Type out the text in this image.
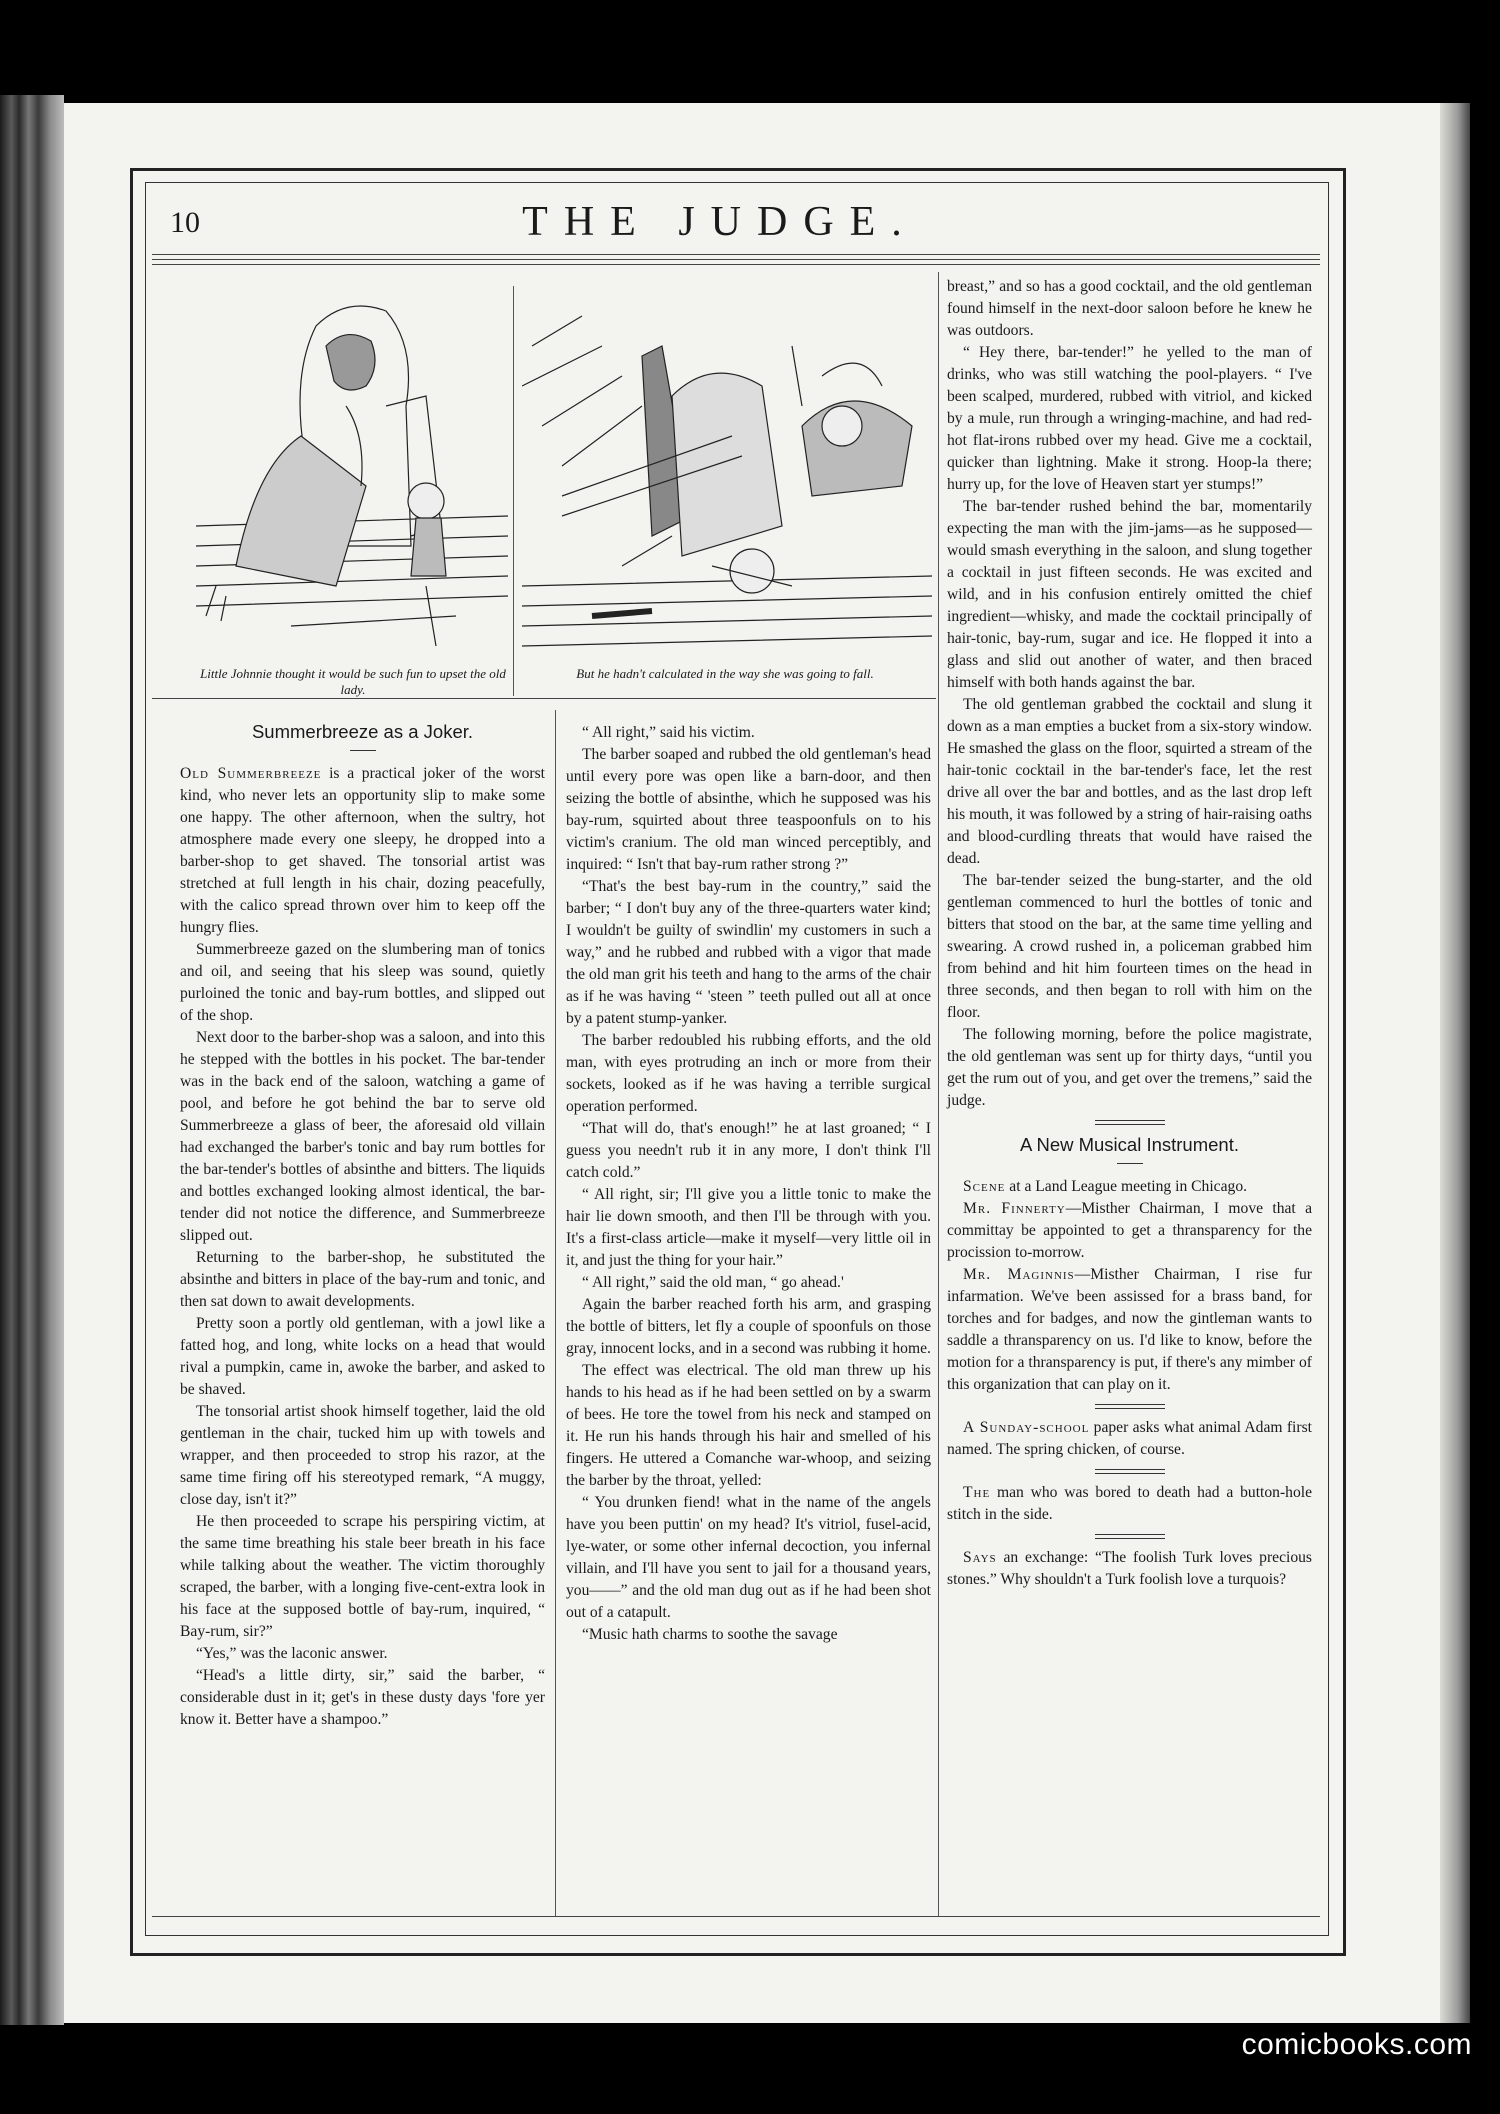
10	THE JUDGE.
Little Johnnie thought it would be such fun to upset the old lady.
But he hadn't calculated in the way she was going to fall.
Summerbreeze as a Joker.

Old Summerbreeze is a practical joker of the worst kind, who never lets an opportunity slip to make some one happy. The other afternoon, when the sultry, hot atmosphere made every one sleepy, he dropped into a barber-shop to get shaved. The tonsorial artist was stretched at full length in his chair, dozing peacefully, with the calico spread thrown over him to keep off the hungry flies.

Summerbreeze gazed on the slumbering man of tonics and oil, and seeing that his sleep was sound, quietly purloined the tonic and bay-rum bottles, and slipped out of the shop.

Next door to the barber-shop was a saloon, and into this he stepped with the bottles in his pocket. The bar-tender was in the back end of the saloon, watching a game of pool, and before he got behind the bar to serve old Summerbreeze a glass of beer, the aforesaid old villain had exchanged the barber's tonic and bay rum bottles for the bar-tender's bottles of absinthe and bitters. The liquids and bottles exchanged looking almost identical, the bar-tender did not notice the difference, and Summerbreeze slipped out.

Returning to the barber-shop, he substituted the absinthe and bitters in place of the bay-rum and tonic, and then sat down to await developments.

Pretty soon a portly old gentleman, with a jowl like a fatted hog, and long, white locks on a head that would rival a pumpkin, came in, awoke the barber, and asked to be shaved.

The tonsorial artist shook himself together, laid the old gentleman in the chair, tucked him up with towels and wrapper, and then proceeded to strop his razor, at the same time firing off his stereotyped remark, “A muggy, close day, isn't it?”

He then proceeded to scrape his perspiring victim, at the same time breathing his stale beer breath in his face while talking about the weather. The victim thoroughly scraped, the barber, with a longing five-cent-extra look in his face at the supposed bottle of bay-rum, inquired, “ Bay-rum, sir?”

“Yes,” was the laconic answer.

“Head's a little dirty, sir,” said the barber, “ considerable dust in it; get's in these dusty days 'fore yer know it. Better have a shampoo.”

“ All right,” said his victim.

The barber soaped and rubbed the old gentleman's head until every pore was open like a barn-door, and then seizing the bottle of absinthe, which he supposed was his bay-rum, squirted about three teaspoonfuls on to his victim's cranium. The old man winced perceptibly, and inquired: “ Isn't that bay-rum rather strong ?”

“That's the best bay-rum in the country,” said the barber; “ I don't buy any of the three-quarters water kind; I wouldn't be guilty of swindlin' my customers in such a way,” and he rubbed and rubbed with a vigor that made the old man grit his teeth and hang to the arms of the chair as if he was having “ 'steen ” teeth pulled out all at once by a patent stump-yanker.

The barber redoubled his rubbing efforts, and the old man, with eyes protruding an inch or more from their sockets, looked as if he was having a terrible surgical operation performed.

“That will do, that's enough!” he at last groaned; “ I guess you needn't rub it in any more, I don't think I'll catch cold.”

“ All right, sir; I'll give you a little tonic to make the hair lie down smooth, and then I'll be through with you. It's a first-class article—make it myself—very little oil in it, and just the thing for your hair.”

“ All right,” said the old man, “ go ahead.'

Again the barber reached forth his arm, and grasping the bottle of bitters, let fly a couple of spoonfuls on those gray, innocent locks, and in a second was rubbing it home.

The effect was electrical. The old man threw up his hands to his head as if he had been settled on by a swarm of bees. He tore the towel from his neck and stamped on it. He run his hands through his hair and smelled of his fingers. He uttered a Comanche war-whoop, and seizing the barber by the throat, yelled:

“ You drunken fiend! what in the name of the angels have you been puttin' on my head? It's vitriol, fusel-acid, lye-water, or some other infernal decoction, you infernal villain, and I'll have you sent to jail for a thousand years, you——” and the old man dug out as if he had been shot out of a catapult.

“Music hath charms to soothe the savage

breast,” and so has a good cocktail, and the old gentleman found himself in the next-door saloon before he knew he was outdoors.

“ Hey there, bar-tender!” he yelled to the man of drinks, who was still watching the pool-players. “ I've been scalped, murdered, rubbed with vitriol, and kicked by a mule, run through a wringing-machine, and had red-hot flat-irons rubbed over my head. Give me a cocktail, quicker than lightning. Make it strong. Hoop-la there; hurry up, for the love of Heaven start yer stumps!”

The bar-tender rushed behind the bar, momentarily expecting the man with the jim-jams—as he supposed—would smash everything in the saloon, and slung together a cocktail in just fifteen seconds. He was excited and wild, and in his confusion entirely omitted the chief ingredient—whisky, and made the cocktail principally of hair-tonic, bay-rum, sugar and ice. He flopped it into a glass and slid out another of water, and then braced himself with both hands against the bar.

The old gentleman grabbed the cocktail and slung it down as a man empties a bucket from a six-story window. He smashed the glass on the floor, squirted a stream of the hair-tonic cocktail in the bar-tender's face, let the rest drive all over the bar and bottles, and as the last drop left his mouth, it was followed by a string of hair-raising oaths and blood-curdling threats that would have raised the dead.

The bar-tender seized the bung-starter, and the old gentleman commenced to hurl the bottles of tonic and bitters that stood on the bar, at the same time yelling and swearing. A crowd rushed in, a policeman grabbed him from behind and hit him fourteen times on the head in three seconds, and then began to roll with him on the floor.

The following morning, before the police magistrate, the old gentleman was sent up for thirty days, “until you get the rum out of you, and get over the tremens,” said the judge.

A New Musical Instrument.

Scene at a Land League meeting in Chicago.

Mr. Finnerty—Misther Chairman, I move that a committay be appointed to get a thransparency for the procission to-morrow.

Mr. Maginnis—Misther Chairman, I rise fur infarmation. We've been assissed for a brass band, for torches and for badges, and now the gintleman wants to saddle a thransparency on us. I'd like to know, before the motion for a thransparency is put, if there's any mimber of this organization that can play on it.

A Sunday-school paper asks what animal Adam first named. The spring chicken, of course.

The man who was bored to death had a button-hole stitch in the side.

Says an exchange: “The foolish Turk loves precious stones.” Why shouldn't a Turk foolish love a turquois?

comicbooks.com
